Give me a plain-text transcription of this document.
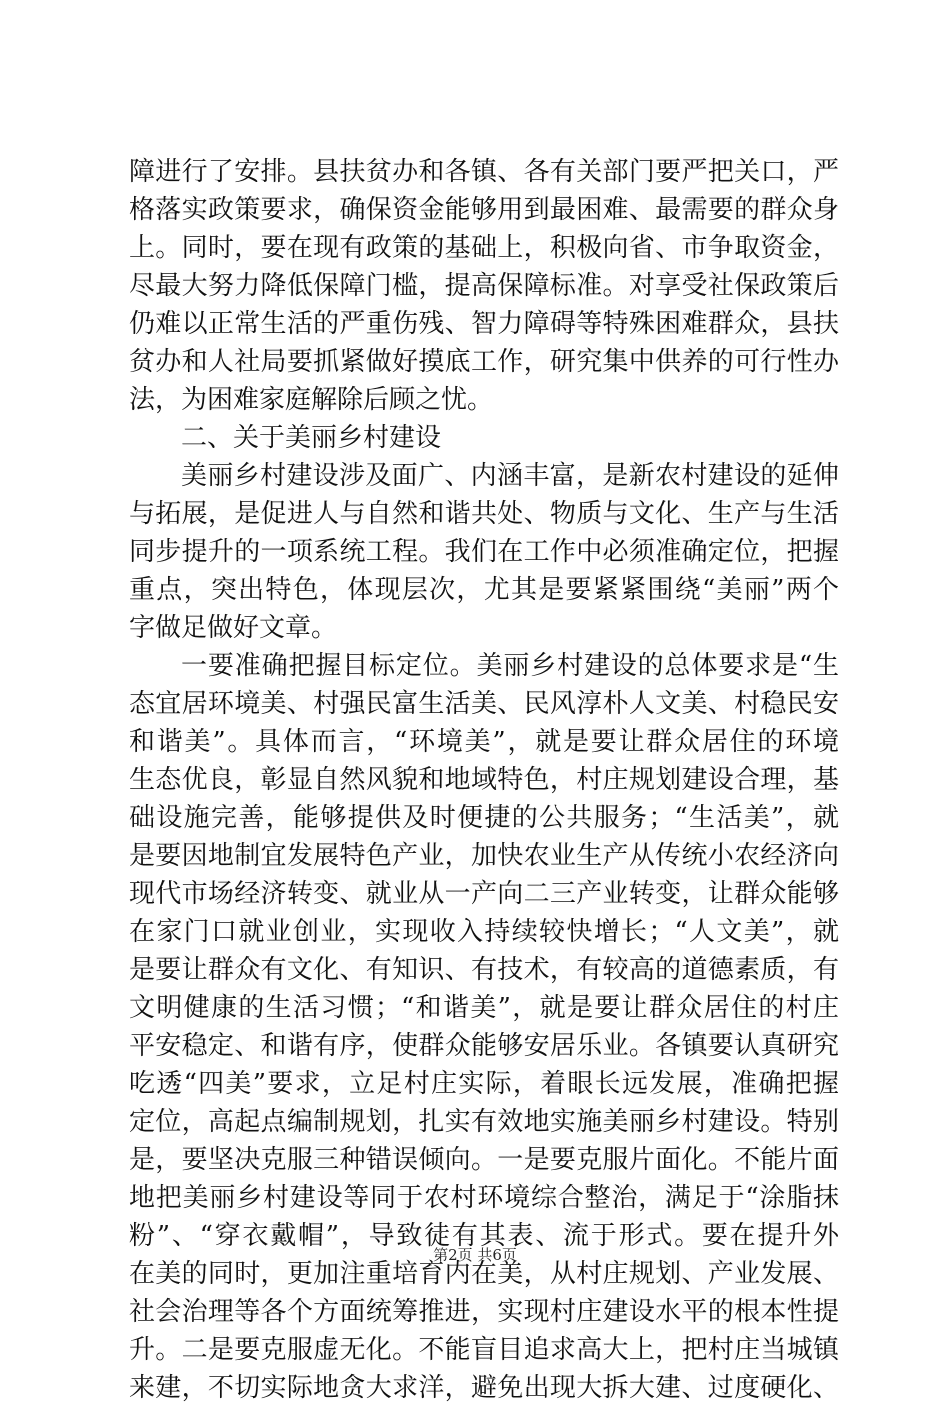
障进行了安排。县扶贫办和各镇、各有关部门要严把关口，严
格落实政策要求，确保资金能够用到最困难、最需要的群众身
上。同时，要在现有政策的基础上，积极向省、市争取资金，
尽最大努力降低保障门槛，提高保障标准。对享受社保政策后
仍难以正常生活的严重伤残、智力障碍等特殊困难群众，县扶
贫办和人社局要抓紧做好摸底工作，研究集中供养的可行性办
法，为困难家庭解除后顾之忧。
二、关于美丽乡村建设
美丽乡村建设涉及面广、内涵丰富，是新农村建设的延伸
与拓展，是促进人与自然和谐共处、物质与文化、生产与生活
同步提升的一项系统工程。我们在工作中必须准确定位，把握
重点，突出特色，体现层次，尤其是要紧紧围绕“美丽”两个
字做足做好文章。
一要准确把握目标定位。美丽乡村建设的总体要求是“生
态宜居环境美、村强民富生活美、民风淳朴人文美、村稳民安
和谐美”。具体而言，“环境美”，就是要让群众居住的环境
生态优良，彰显自然风貌和地域特色，村庄规划建设合理，基
础设施完善，能够提供及时便捷的公共服务；“生活美”，就
是要因地制宜发展特色产业，加快农业生产从传统小农经济向
现代市场经济转变、就业从一产向二三产业转变，让群众能够
在家门口就业创业，实现收入持续较快增长；“人文美”，就
是要让群众有文化、有知识、有技术，有较高的道德素质，有
文明健康的生活习惯；“和谐美”，就是要让群众居住的村庄
平安稳定、和谐有序，使群众能够安居乐业。各镇要认真研究
吃透“四美”要求，立足村庄实际，着眼长远发展，准确把握
定位，高起点编制规划，扎实有效地实施美丽乡村建设。特别
是，要坚决克服三种错误倾向。一是要克服片面化。不能片面
地把美丽乡村建设等同于农村环境综合整治，满足于“涂脂抹
粉”、“穿衣戴帽”，导致徒有其表、流于形式。要在提升外
在美的同时，更加注重培育内在美，从村庄规划、产业发展、
社会治理等各个方面统筹推进，实现村庄建设水平的根本性提
升。二是要克服虚无化。不能盲目追求高大上，把村庄当城镇
来建，不切实际地贪大求洋，避免出现大拆大建、过度硬化、
第2页 共6页
